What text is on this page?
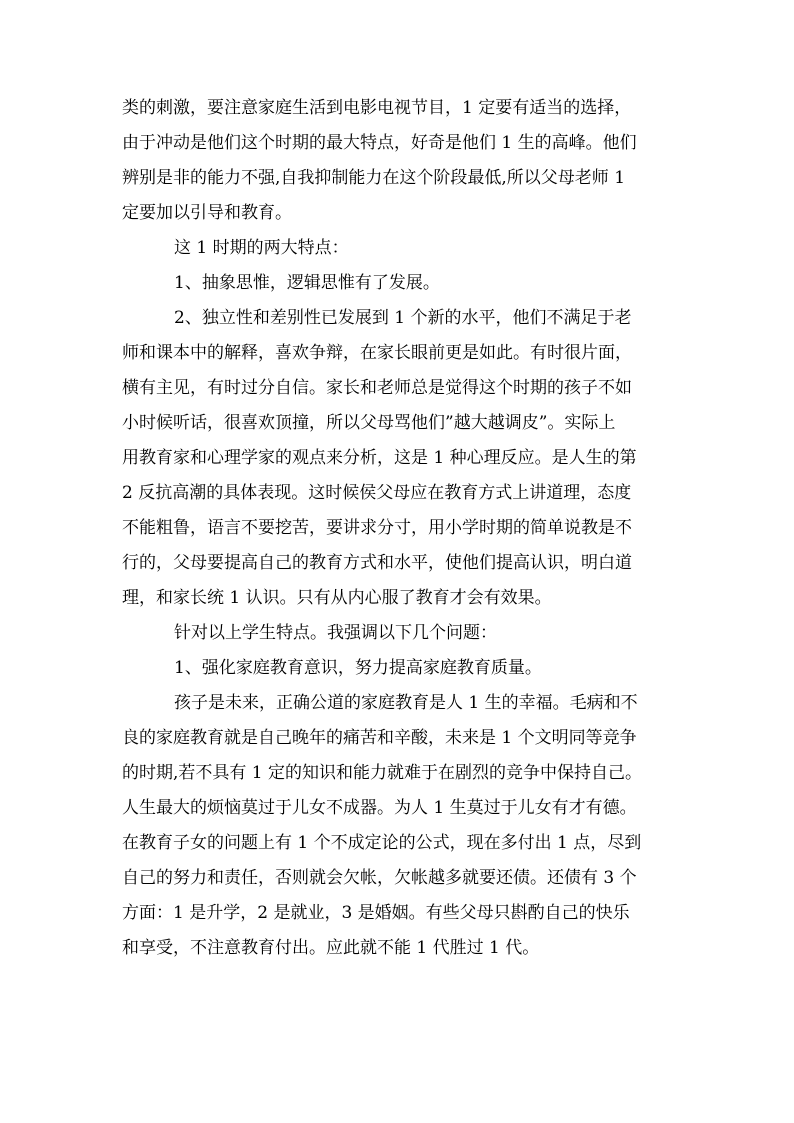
类的刺激，要注意家庭生活到电影电视节目，1 定要有适当的选择，
由于冲动是他们这个时期的最大特点，好奇是他们 1 生的高峰。他们
辨别是非的能力不强,自我抑制能力在这个阶段最低,所以父母老师 1
定要加以引导和教育。
这 1 时期的两大特点：
1、抽象思惟，逻辑思惟有了发展。
2、独立性和差别性已发展到 1 个新的水平，他们不满足于老
师和课本中的解释，喜欢争辩，在家长眼前更是如此。有时很片面，
横有主见，有时过分自信。家长和老师总是觉得这个时期的孩子不如
小时候听话，很喜欢顶撞，所以父母骂他们”越大越调皮”。实际上
用教育家和心理学家的观点来分析，这是 1 种心理反应。是人生的第
2 反抗高潮的具体表现。这时候侯父母应在教育方式上讲道理，态度
不能粗鲁，语言不要挖苦，要讲求分寸，用小学时期的简单说教是不
行的，父母要提高自己的教育方式和水平，使他们提高认识，明白道
理，和家长统 1 认识。只有从内心服了教育才会有效果。
针对以上学生特点。我强调以下几个问题：
1、强化家庭教育意识，努力提高家庭教育质量。
孩子是未来，正确公道的家庭教育是人 1 生的幸福。毛病和不
良的家庭教育就是自己晚年的痛苦和辛酸，未来是 1 个文明同等竞争
的时期,若不具有 1 定的知识和能力就难于在剧烈的竞争中保持自己。
人生最大的烦恼莫过于儿女不成器。为人 1 生莫过于儿女有才有德。
在教育子女的问题上有 1 个不成定论的公式，现在多付出 1 点，尽到
自己的努力和责任，否则就会欠帐，欠帐越多就要还债。还债有 3 个
方面：1 是升学，2 是就业，3 是婚姻。有些父母只斟酌自己的快乐
和享受，不注意教育付出。应此就不能 1 代胜过 1 代。
